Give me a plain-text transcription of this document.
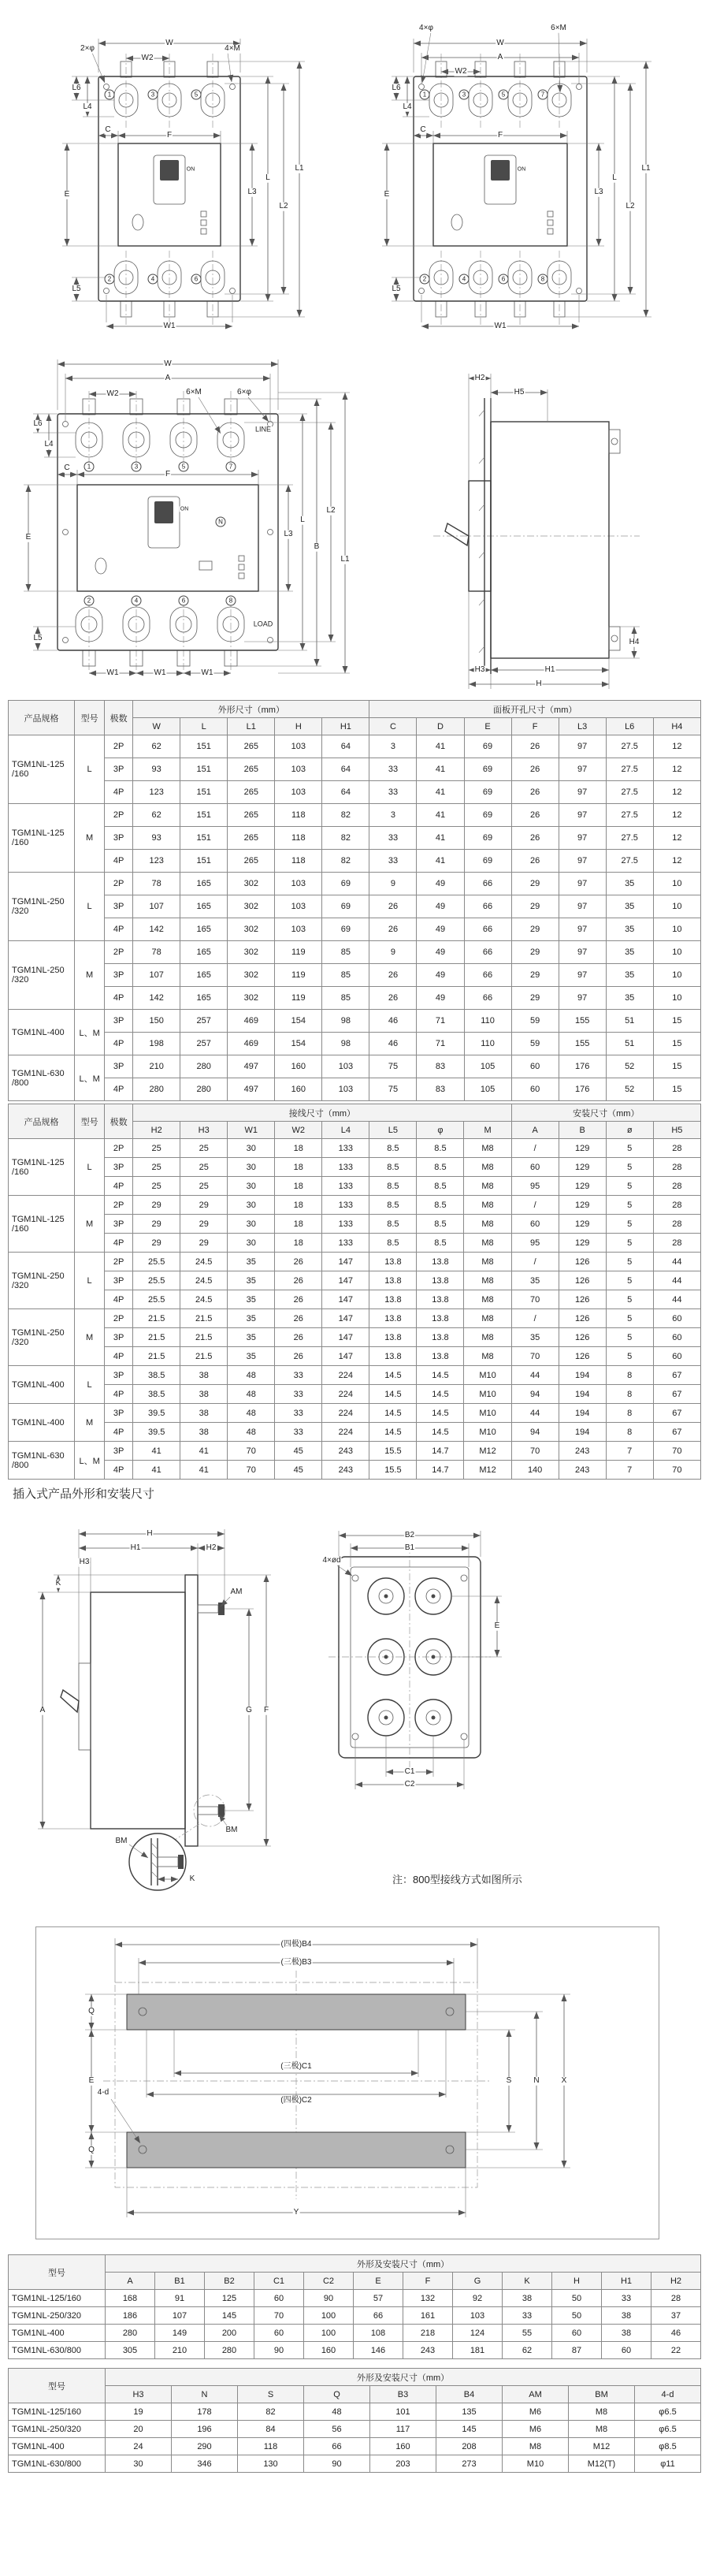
W
W2
2×φ	4×M
L6
L4
E
L5
C
F
L3
L
L2
L1
W1
ON
1	3	5
2	4	6
W
A
W2
4×φ	6×M
L6
L4
E
L5
C
F
L3
L
L2
L1
W1
ON
1	3	5	7
2	4	6	8
W
A
W2	6×M	6×φ
LINE
LOAD
L6
L4
E
L5
C
F
L3
L
B
L2
L1
W1	W1	W1
ON
N
1	3	5	7
2	4	6	8
H2
H5
H4
H3	H1
H
产品规格	型号	极数	外形尺寸（mm）					面板开孔尺寸（mm）						
			W	L	L1	H	H1	C	D	E	F	L3	L6	H4

TGM1NL-125
/160	L	2P	62	151	265	103	64	3	41	69	26	97	27.5	12
		3P	93	151	265	103	64	33	41	69	26	97	27.5	12
		4P	123	151	265	103	64	33	41	69	26	97	27.5	12

TGM1NL-125
/160	M	2P	62	151	265	118	82	3	41	69	26	97	27.5	12
		3P	93	151	265	118	82	33	41	69	26	97	27.5	12
		4P	123	151	265	118	82	33	41	69	26	97	27.5	12

TGM1NL-250
/320	L	2P	78	165	302	103	69	9	49	66	29	97	35	10
		3P	107	165	302	103	69	26	49	66	29	97	35	10
		4P	142	165	302	103	69	26	49	66	29	97	35	10

TGM1NL-250
/320	M	2P	78	165	302	119	85	9	49	66	29	97	35	10
		3P	107	165	302	119	85	26	49	66	29	97	35	10
		4P	142	165	302	119	85	26	49	66	29	97	35	10

TGM1NL-400	L、M	3P	150	257	469	154	98	46	71	110	59	155	51	15
		4P	198	257	469	154	98	46	71	110	59	155	51	15

TGM1NL-630
/800	L、M	3P	210	280	497	160	103	75	83	105	60	176	52	15
		4P	280	280	497	160	103	75	83	105	60	176	52	15
产品规格	型号	极数	接线尺寸（mm）								安装尺寸（mm）			
			H2	H3	W1	W2	L4	L5	φ	M	A	B	ø	H5

TGM1NL-125
/160	L	2P	25	25	30	18	133	8.5	8.5	M8	/	129	5	28
		3P	25	25	30	18	133	8.5	8.5	M8	60	129	5	28
		4P	25	25	30	18	133	8.5	8.5	M8	95	129	5	28

TGM1NL-125
/160	M	2P	29	29	30	18	133	8.5	8.5	M8	/	129	5	28
		3P	29	29	30	18	133	8.5	8.5	M8	60	129	5	28
		4P	29	29	30	18	133	8.5	8.5	M8	95	129	5	28

TGM1NL-250
/320	L	2P	25.5	24.5	35	26	147	13.8	13.8	M8	/	126	5	44
		3P	25.5	24.5	35	26	147	13.8	13.8	M8	35	126	5	44
		4P	25.5	24.5	35	26	147	13.8	13.8	M8	70	126	5	44

TGM1NL-250
/320	M	2P	21.5	21.5	35	26	147	13.8	13.8	M8	/	126	5	60
		3P	21.5	21.5	35	26	147	13.8	13.8	M8	35	126	5	60
		4P	21.5	21.5	35	26	147	13.8	13.8	M8	70	126	5	60

TGM1NL-400	L	3P	38.5	38	48	33	224	14.5	14.5	M10	44	194	8	67
		4P	38.5	38	48	33	224	14.5	14.5	M10	94	194	8	67

TGM1NL-400	M	3P	39.5	38	48	33	224	14.5	14.5	M10	44	194	8	67
		4P	39.5	38	48	33	224	14.5	14.5	M10	94	194	8	67

TGM1NL-630
/800	L、M	3P	41	41	70	45	243	15.5	14.7	M12	70	243	7	70
		4P	41	41	70	45	243	15.5	14.7	M12	140	243	7	70
插入式产品外形和安装尺寸
H
H1	H2
H3
A
K
AM
G F
BM
BM
K
B2
B1
4×ød
E
C1
C2
注：800型接线方式如图所示
(四极)B4
(三极)B3
Q
E
Q
S	N	X
(三极)C1
(四极)C2
4-d
Y
型号	外形及安装尺寸（mm）											
	A	B1	B2	C1	C2	E	F	G	K	H	H1	H2
TGM1NL-125/160	168	91	125	60	90	57	132	92	38	50	33	28
TGM1NL-250/320	186	107	145	70	100	66	161	103	33	50	38	37
TGM1NL-400	280	149	200	60	100	108	218	124	55	60	38	46
TGM1NL-630/800	305	210	280	90	160	146	243	181	62	87	60	22
型号	外形及安装尺寸（mm）								
	H3	N	S	Q	B3	B4	AM	BM	4-d
TGM1NL-125/160	19	178	82	48	101	135	M6	M8	φ6.5
TGM1NL-250/320	20	196	84	56	117	145	M6	M8	φ6.5
TGM1NL-400	24	290	118	66	160	208	M8	M12	φ8.5
TGM1NL-630/800	30	346	130	90	203	273	M10	M12(T)	φ11
